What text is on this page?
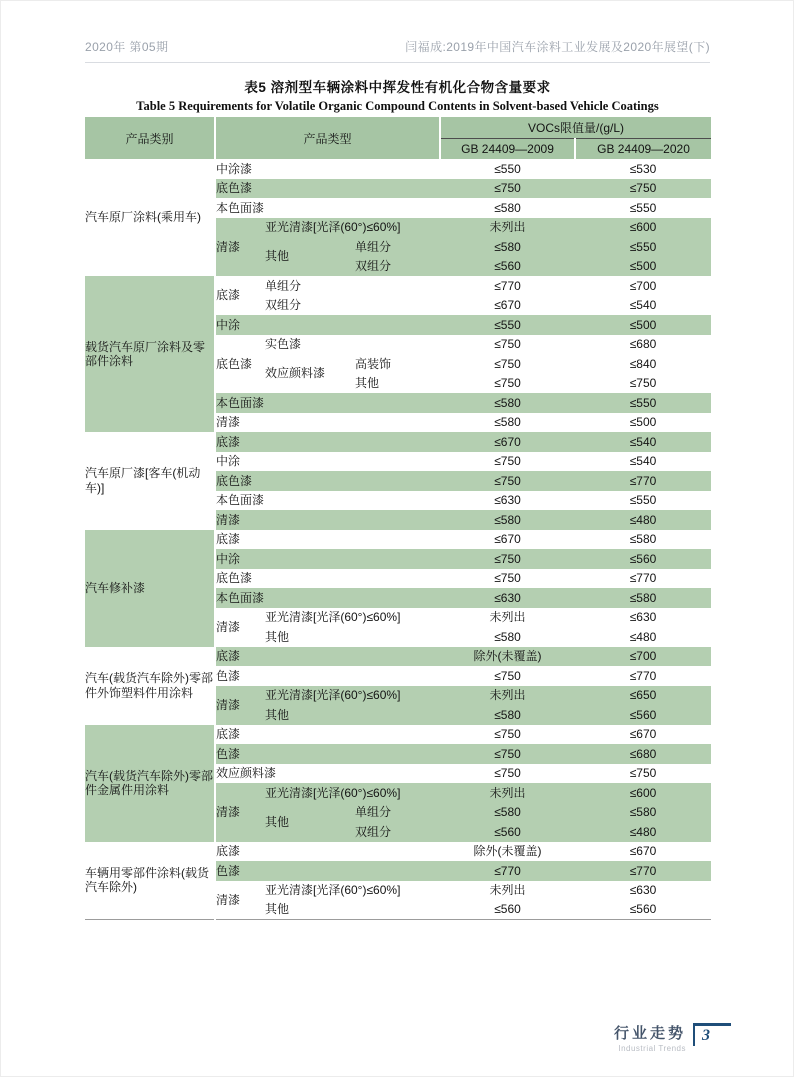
2020年 第05期	闫福成:2019年中国汽车涂料工业发展及2020年展望(下)
表5 溶剂型车辆涂料中挥发性有机化合物含量要求
Table 5 Requirements for Volatile Organic Compound Contents in Solvent-based Vehicle Coatings
产品类别	产品类型			VOCs限值量/(g/L)	
				GB 24409—2009	GB 24409—2020
汽车原厂涂料(乘用车)	中涂漆			≤550	≤530
	底色漆			≤750	≤750
	本色面漆			≤580	≤550
	清漆	亚光清漆[光泽(60°)≤60%]		未列出	≤600
		其他	单组分	≤580	≤550
			双组分	≤560	≤500
载货汽车原厂涂料及零部件涂料	底漆	单组分		≤770	≤700
		双组分		≤670	≤540
	中涂			≤550	≤500
	底色漆	实色漆		≤750	≤680
		效应颜料漆	高装饰	≤750	≤840
			其他	≤750	≤750
	本色面漆			≤580	≤550
	清漆			≤580	≤500
汽车原厂漆[客车(机动车)]	底漆			≤670	≤540
	中涂			≤750	≤540
	底色漆			≤750	≤770
	本色面漆			≤630	≤550
	清漆			≤580	≤480
汽车修补漆	底漆			≤670	≤580
	中涂			≤750	≤560
	底色漆			≤750	≤770
	本色面漆			≤630	≤580
	清漆	亚光清漆[光泽(60°)≤60%]		未列出	≤630
		其他		≤580	≤480
汽车(载货汽车除外)零部件外饰塑料件用涂料	底漆			除外(未覆盖)	≤700
	色漆			≤750	≤770
	清漆	亚光清漆[光泽(60°)≤60%]		未列出	≤650
		其他		≤580	≤560
汽车(载货汽车除外)零部件金属件用涂料	底漆			≤750	≤670
	色漆			≤750	≤680
	效应颜料漆			≤750	≤750
	清漆	亚光清漆[光泽(60°)≤60%]		未列出	≤600
		其他	单组分	≤580	≤580
			双组分	≤560	≤480
车辆用零部件涂料(载货汽车除外)	底漆			除外(未覆盖)	≤670
	色漆			≤770	≤770
	清漆	亚光清漆[光泽(60°)≤60%]		未列出	≤630
		其他		≤560	≤560
行业走势
Industrial Trends
3
